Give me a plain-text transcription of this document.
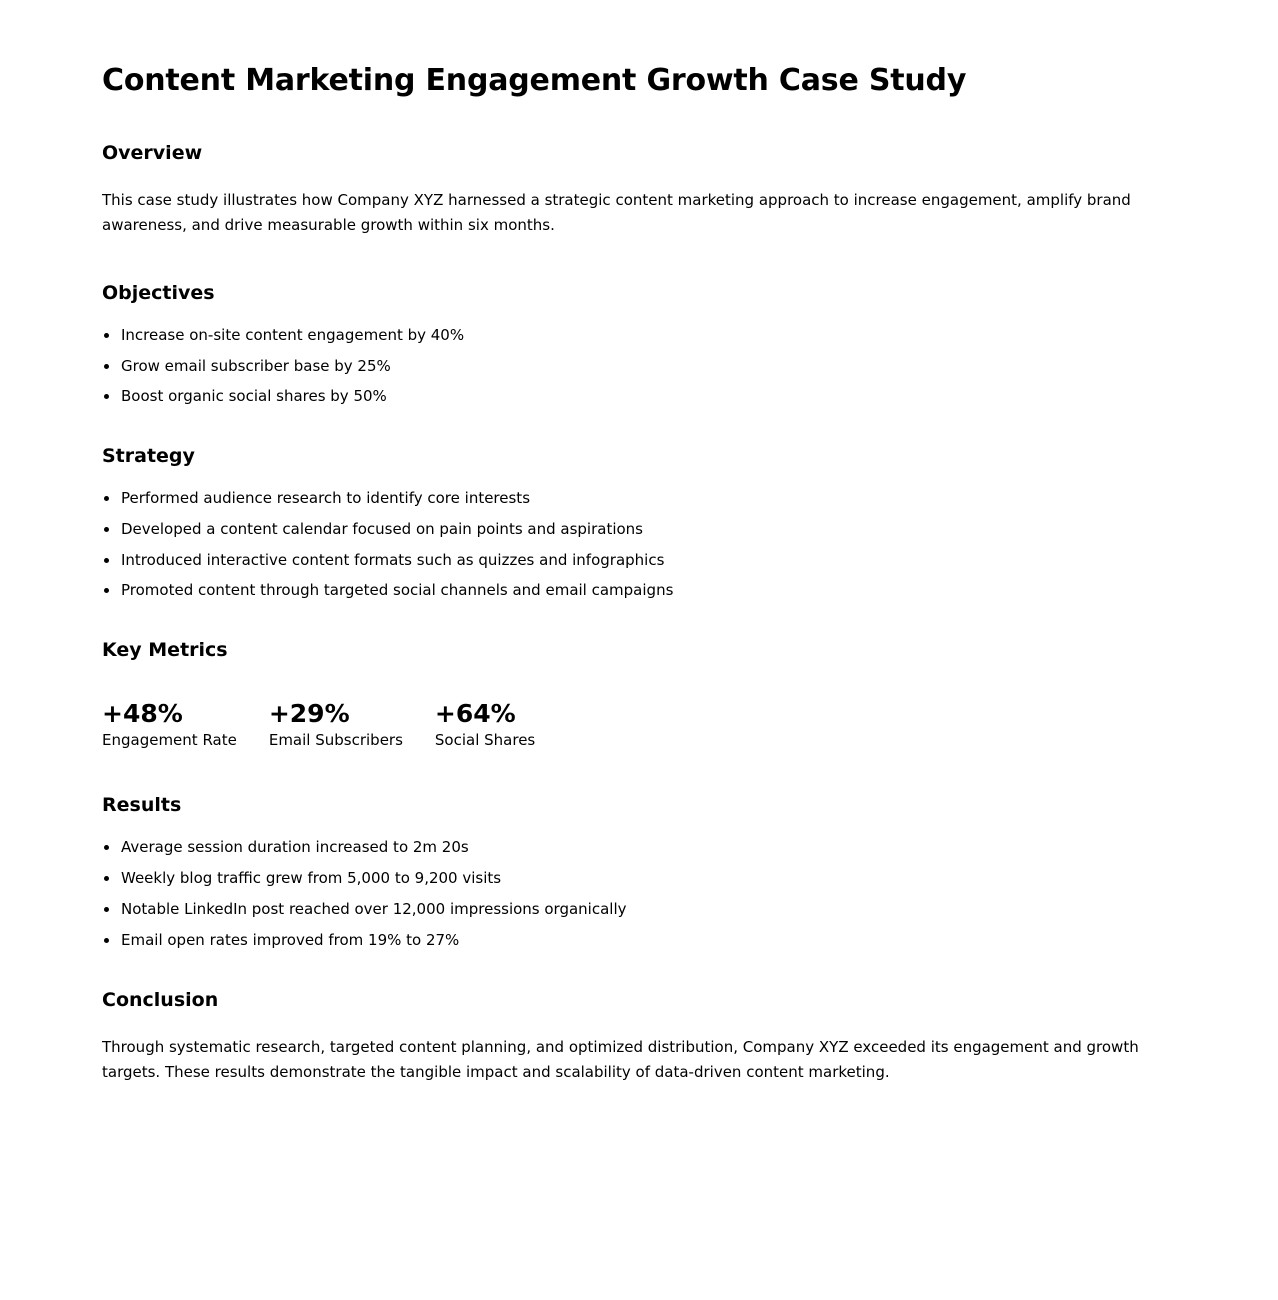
Content Marketing Engagement Growth Case Study
Overview

This case study illustrates how Company XYZ harnessed a strategic content marketing approach to increase engagement, amplify brand awareness, and drive measurable growth within six months.

Objectives
Increase on-site content engagement by 40%
Grow email subscriber base by 25%
Boost organic social shares by 50%
Strategy
Performed audience research to identify core interests
Developed a content calendar focused on pain points and aspirations
Introduced interactive content formats such as quizzes and infographics
Promoted content through targeted social channels and email campaigns
Key Metrics
+48%
Engagement Rate
+29%
Email Subscribers
+64%
Social Shares
Results
Average session duration increased to 2m 20s
Weekly blog traffic grew from 5,000 to 9,200 visits
Notable LinkedIn post reached over 12,000 impressions organically
Email open rates improved from 19% to 27%
Conclusion

Through systematic research, targeted content planning, and optimized distribution, Company XYZ exceeded its engagement and growth targets. These results demonstrate the tangible impact and scalability of data-driven content marketing.
